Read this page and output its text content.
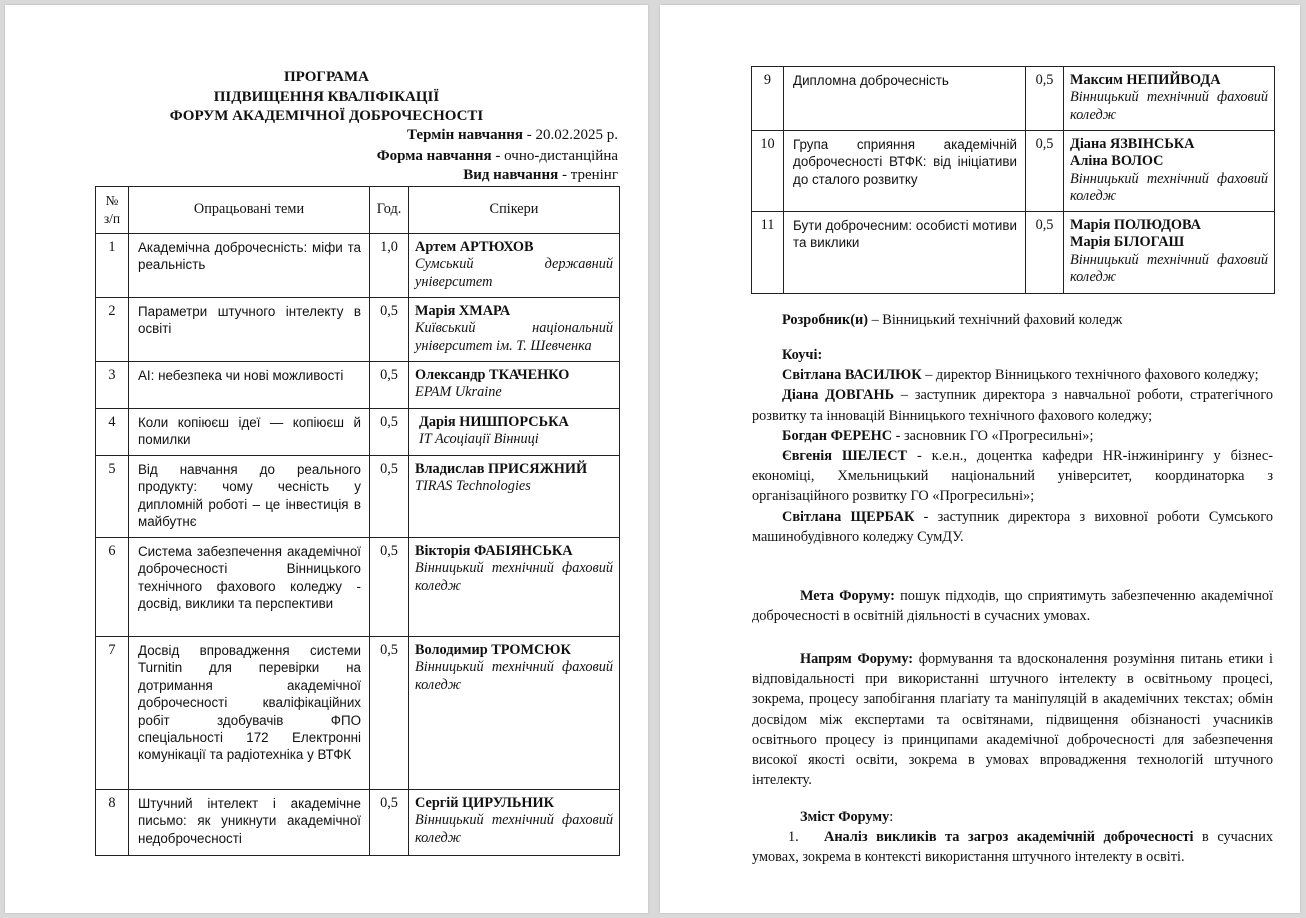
ПРОГРАМА
ПІДВИЩЕННЯ КВАЛІФІКАЦІЇ
ФОРУМ АКАДЕМІЧНОЇ ДОБРОЧЕСНОСТІ
Термін навчання - 20.02.2025 р.
Форма навчання - очно-дистанційна
Вид навчання - тренінг
№ з/п	Опрацьовані теми	Год.	Спікери
1	Академічна доброчесність: міфи та реальність	1,0	Артем АРТЮХОВ
Сумський державний університет

2	Параметри штучного інтелекту в освіті	0,5	Марія ХМАРА
Київський національний університет ім. Т. Шевченка

3	AI: небезпека чи нові можливості	0,5	Олександр ТКАЧЕНКО
EPAM Ukraine

4	Коли копіюєш ідеї — копіюєш й помилки	0,5	Дарія НИШПОРСЬКА
IT Асоціації Вінниці

5	Від навчання до реального продукту: чому чесність у дипломній роботі – це інвестиція в майбутнє	0,5	Владислав ПРИСЯЖНИЙ
TIRAS Technologies

6	Система забезпечення академічної доброчесності Вінницького технічного фахового коледжу - досвід, виклики та перспективи	0,5	Вікторія ФАБІЯНСЬКА
Вінницький технічний фаховий коледж

7	Досвід впровадження системи Turnitin для перевірки на дотримання академічної доброчесності кваліфікаційних робіт здобувачів ФПО спеціальності 172 Електронні комунікації та радіотехніка у ВТФК	0,5	Володимир ТРОМСЮК
Вінницький технічний фаховий коледж

8	Штучний інтелект і академічне письмо: як уникнути академічної недоброчесності	0,5	Сергій ЦИРУЛЬНИК
Вінницький технічний фаховий коледж
9	Дипломна доброчесність	0,5	Максим НЕПИЙВОДА
Вінницький технічний фаховий коледж

10	Група сприяння академічній доброчесності ВТФК: від ініціативи до сталого розвитку	0,5	Діана ЯЗВІНСЬКА
Аліна ВОЛОС
Вінницький технічний фаховий коледж

11	Бути доброчесним: особисті мотиви та виклики	0,5	Марія ПОЛЮДОВА
Марія БІЛОГАШ
Вінницький технічний фаховий коледж
Розробник(и) – Вінницький технічний фаховий коледж
Коучі:
Світлана ВАСИЛЮК – директор Вінницького технічного фахового коледжу;
Діана ДОВГАНЬ – заступник директора з навчальної роботи, стратегічного розвитку та інновацій Вінницького технічного фахового коледжу;
Богдан ФЕРЕНС - засновник ГО «Прогресильні»;
Євгенія ШЕЛЕСТ - к.е.н., доцентка кафедри HR-інжинірингу у бізнес-економіці, Хмельницький національний університет, координаторка з організаційного розвитку ГО «Прогресильні»;
Світлана ЩЕРБАК - заступник директора з виховної роботи Сумського машинобудівного коледжу СумДУ.
Мета Форуму: пошук підходів, що сприятимуть забезпеченню академічної доброчесності в освітній діяльності в сучасних умовах.
Напрям Форуму: формування та вдосконалення розуміння питань етики і відповідальності при використанні штучного інтелекту в освітньому процесі, зокрема, процесу запобігання плагіату та маніпуляцій в академічних текстах; обмін досвідом між експертами та освітянами, підвищення обізнаності учасників освітнього процесу із принципами академічної доброчесності для забезпечення високої якості освіти, зокрема в умовах впровадження технологій штучного інтелекту.
Зміст Форуму:
1. Аналіз викликів та загроз академічній доброчесності в сучасних умовах, зокрема в контексті використання штучного інтелекту в освіті.
